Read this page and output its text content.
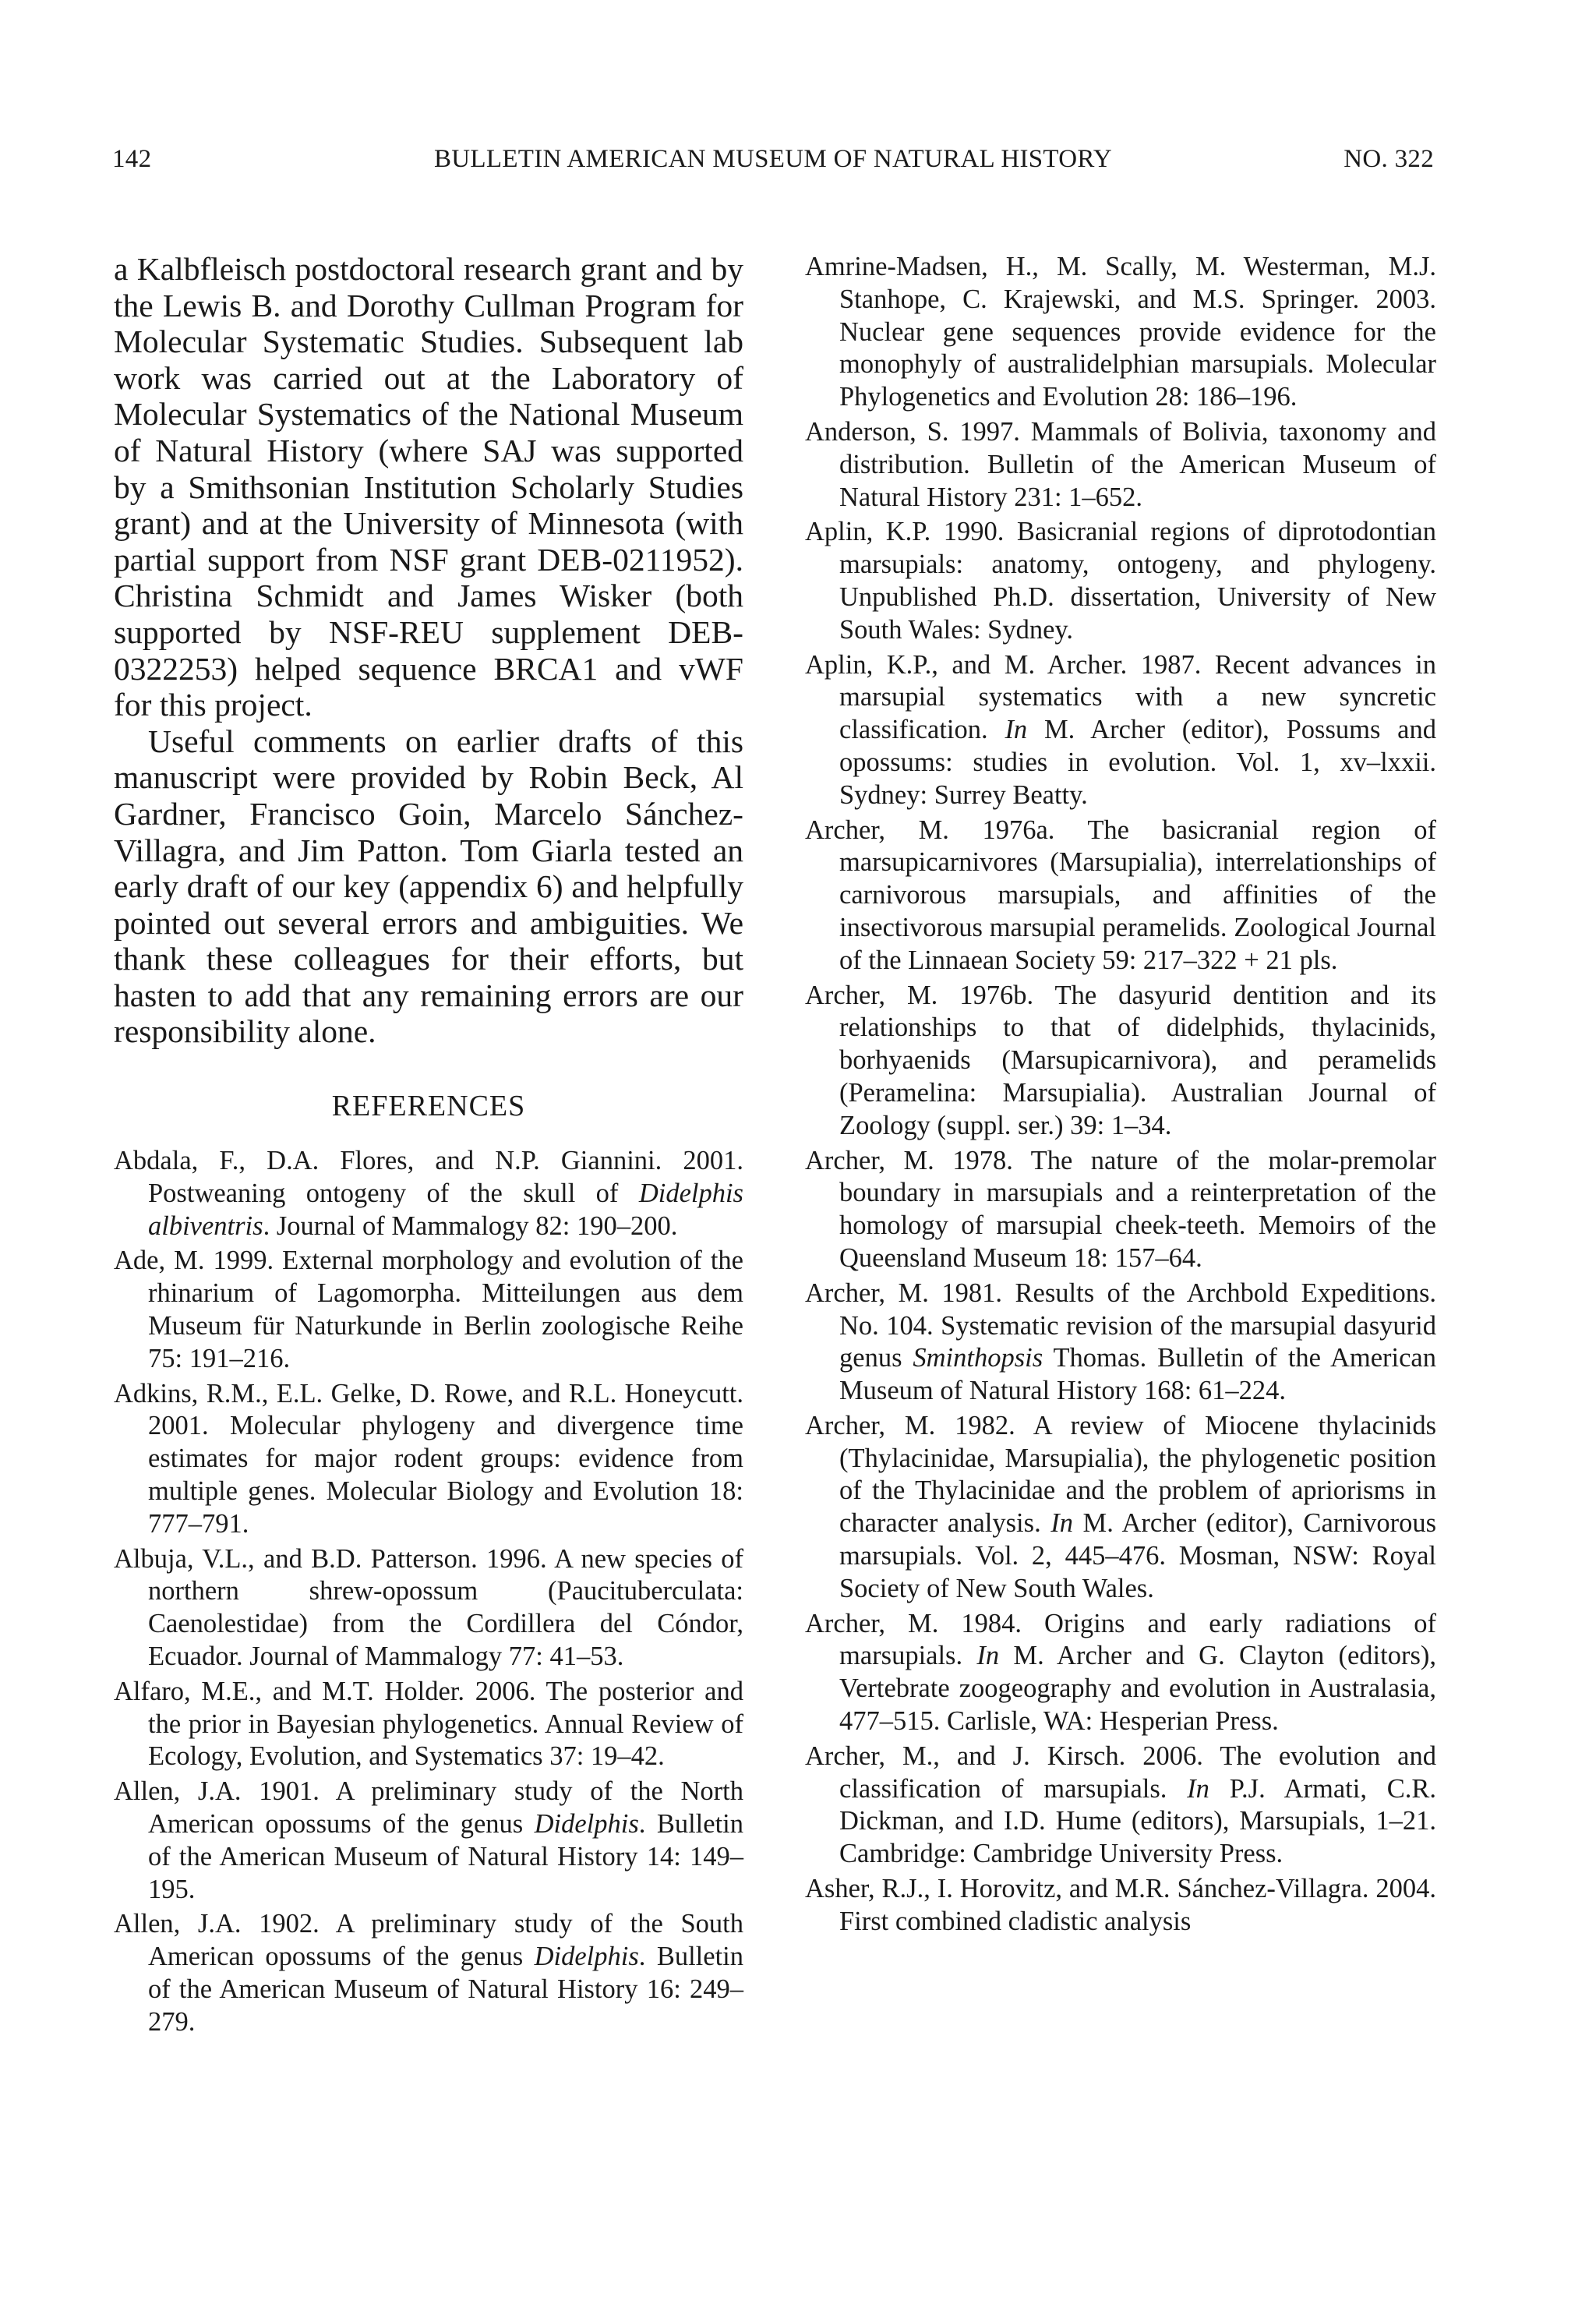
142	BULLETIN AMERICAN MUSEUM OF NATURAL HISTORY	NO. 322

a Kalbfleisch postdoctoral research grant and by the Lewis B. and Dorothy Cullman Program for Molecular Systematic Studies. Subsequent lab work was carried out at the Laboratory of Molecular Systematics of the National Museum of Natural History (where SAJ was supported by a Smithsonian Institution Scholarly Studies grant) and at the University of Minnesota (with partial support from NSF grant DEB-0211952). Christina Schmidt and James Wisker (both supported by NSF-REU supplement DEB-0322253) helped sequence BRCA1 and vWF for this project.

Useful comments on earlier drafts of this manuscript were provided by Robin Beck, Al Gardner, Francisco Goin, Marcelo Sánchez-Villagra, and Jim Patton. Tom Giarla tested an early draft of our key (appendix 6) and helpfully pointed out several errors and ambiguities. We thank these colleagues for their efforts, but hasten to add that any remaining errors are our responsibility alone.

REFERENCES

Abdala, F., D.A. Flores, and N.P. Giannini. 2001. Postweaning ontogeny of the skull of Didelphis albiventris. Journal of Mammalogy 82: 190–200.

Ade, M. 1999. External morphology and evolution of the rhinarium of Lagomorpha. Mitteilungen aus dem Museum für Naturkunde in Berlin zoologische Reihe 75: 191–216.

Adkins, R.M., E.L. Gelke, D. Rowe, and R.L. Honeycutt. 2001. Molecular phylogeny and divergence time estimates for major rodent groups: evidence from multiple genes. Molecular Biology and Evolution 18: 777–791.

Albuja, V.L., and B.D. Patterson. 1996. A new species of northern shrew-opossum (Paucituberculata: Caenolestidae) from the Cordillera del Cóndor, Ecuador. Journal of Mammalogy 77: 41–53.

Alfaro, M.E., and M.T. Holder. 2006. The posterior and the prior in Bayesian phylogenetics. Annual Review of Ecology, Evolution, and Systematics 37: 19–42.

Allen, J.A. 1901. A preliminary study of the North American opossums of the genus Didelphis. Bulletin of the American Museum of Natural History 14: 149–195.

Allen, J.A. 1902. A preliminary study of the South American opossums of the genus Didelphis. Bulletin of the American Museum of Natural History 16: 249–279.

Amrine-Madsen, H., M. Scally, M. Westerman, M.J. Stanhope, C. Krajewski, and M.S. Springer. 2003. Nuclear gene sequences provide evidence for the monophyly of australidelphian marsupials. Molecular Phylogenetics and Evolution 28: 186–196.

Anderson, S. 1997. Mammals of Bolivia, taxonomy and distribution. Bulletin of the American Museum of Natural History 231: 1–652.

Aplin, K.P. 1990. Basicranial regions of diprotodontian marsupials: anatomy, ontogeny, and phylogeny. Unpublished Ph.D. dissertation, University of New South Wales: Sydney.

Aplin, K.P., and M. Archer. 1987. Recent advances in marsupial systematics with a new syncretic classification. In M. Archer (editor), Possums and opossums: studies in evolution. Vol. 1, xv–lxxii. Sydney: Surrey Beatty.

Archer, M. 1976a. The basicranial region of marsupicarnivores (Marsupialia), interrelationships of carnivorous marsupials, and affinities of the insectivorous marsupial peramelids. Zoological Journal of the Linnaean Society 59: 217–322 + 21 pls.

Archer, M. 1976b. The dasyurid dentition and its relationships to that of didelphids, thylacinids, borhyaenids (Marsupicarnivora), and peramelids (Peramelina: Marsupialia). Australian Journal of Zoology (suppl. ser.) 39: 1–34.

Archer, M. 1978. The nature of the molar-premolar boundary in marsupials and a reinterpretation of the homology of marsupial cheek-teeth. Memoirs of the Queensland Museum 18: 157–64.

Archer, M. 1981. Results of the Archbold Expeditions. No. 104. Systematic revision of the marsupial dasyurid genus Sminthopsis Thomas. Bulletin of the American Museum of Natural History 168: 61–224.

Archer, M. 1982. A review of Miocene thylacinids (Thylacinidae, Marsupialia), the phylogenetic position of the Thylacinidae and the problem of apriorisms in character analysis. In M. Archer (editor), Carnivorous marsupials. Vol. 2, 445–476. Mosman, NSW: Royal Society of New South Wales.

Archer, M. 1984. Origins and early radiations of marsupials. In M. Archer and G. Clayton (editors), Vertebrate zoogeography and evolution in Australasia, 477–515. Carlisle, WA: Hesperian Press.

Archer, M., and J. Kirsch. 2006. The evolution and classification of marsupials. In P.J. Armati, C.R. Dickman, and I.D. Hume (editors), Marsupials, 1–21. Cambridge: Cambridge University Press.

Asher, R.J., I. Horovitz, and M.R. Sánchez-Villagra. 2004. First combined cladistic analysis
